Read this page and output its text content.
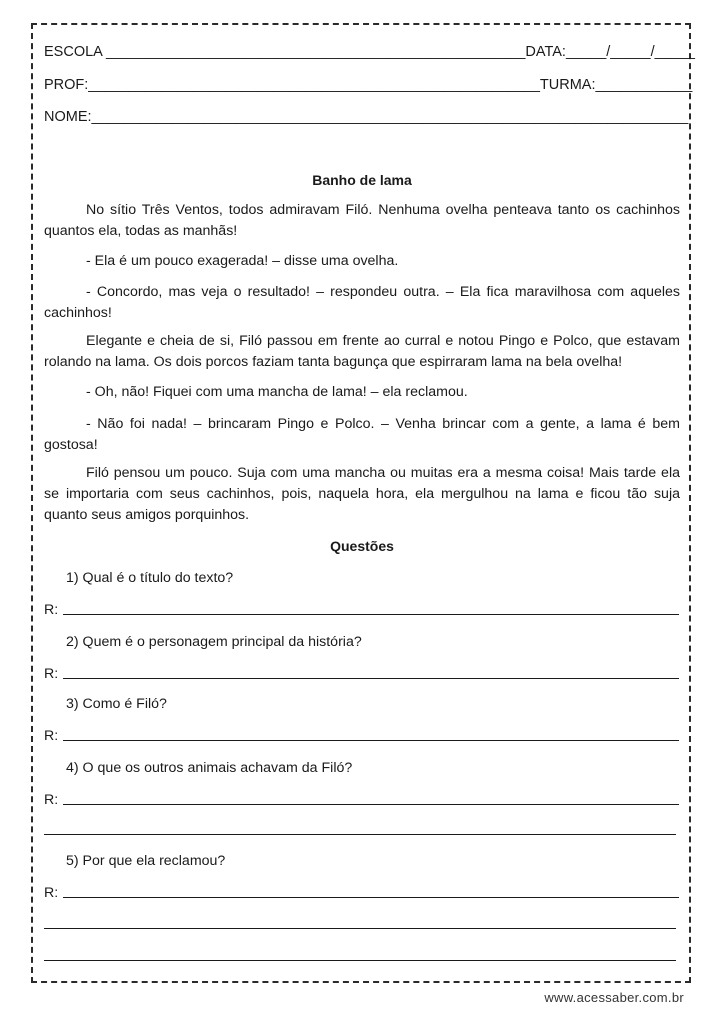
ESCOLA ____________________________________________________DATA:_____/_____/_____
PROF:________________________________________________________TURMA:____________
NOME:__________________________________________________________________________
Banho de lama

No sítio Três Ventos, todos admiravam Filó. Nenhuma ovelha penteava tanto os cachinhos quantos ela, todas as manhãs!

- Ela é um pouco exagerada! – disse uma ovelha.

- Concordo, mas veja o resultado! – respondeu outra. – Ela fica maravilhosa com aqueles cachinhos!

Elegante e cheia de si, Filó passou em frente ao curral e notou Pingo e Polco, que estavam rolando na lama. Os dois porcos faziam tanta bagunça que espirraram lama na bela ovelha!

- Oh, não! Fiquei com uma mancha de lama! – ela reclamou.

- Não foi nada! – brincaram Pingo e Polco. – Venha brincar com a gente, a lama é bem gostosa!

Filó pensou um pouco. Suja com uma mancha ou muitas era a mesma coisa! Mais tarde ela se importaria com seus cachinhos, pois, naquela hora, ela mergulhou na lama e ficou tão suja quanto seus amigos porquinhos.

Questões
1) Qual é o título do texto?
R:
2) Quem é o personagem principal da história?
R:
3) Como é Filó?
R:
4) O que os outros animais achavam da Filó?
R:
5) Por que ela reclamou?
R:
www.acessaber.com.br
